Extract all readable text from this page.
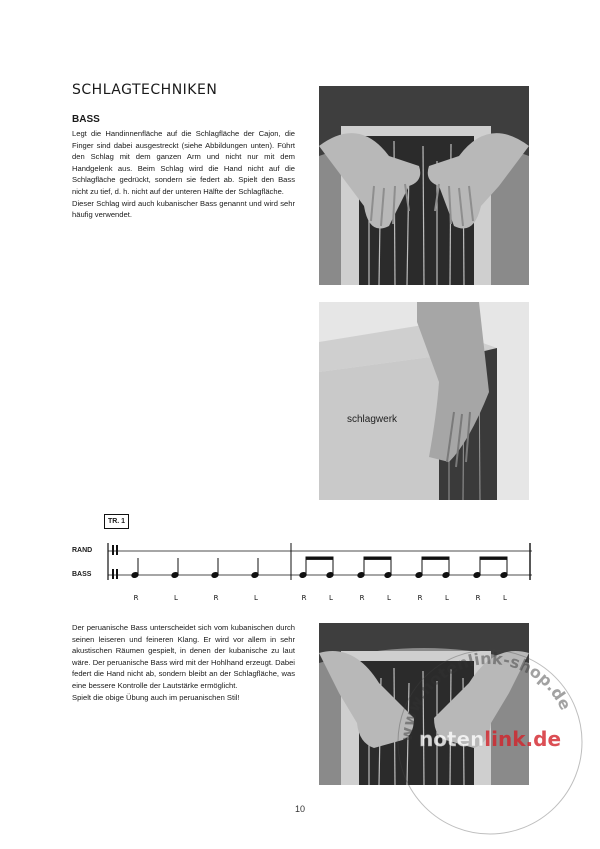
SCHLAGTECHNIKEN
BASS

Legt die Handinnenfläche auf die Schlagfläche der Cajon, die Finger sind dabei ausgestreckt (siehe Abbildungen unten). Führt den Schlag mit dem ganzen Arm und nicht nur mit dem Handgelenk aus. Beim Schlag wird die Hand nicht auf die Schlagfläche gedrückt, sondern sie federt ab. Spielt den Bass nicht zu tief, d. h. nicht auf der unteren Hälfte der Schlagfläche.

Dieser Schlag wird auch kubanischer Bass genannt und wird sehr häufig verwendet.

schlagwerk
TR. 1
RAND
BASS
R	L	R	L	R	L	R	L	R	L	R	L

Der peruanische Bass unterscheidet sich vom kubanischen durch seinen leiseren und feineren Klang. Er wird vor allem in sehr akustischen Räumen gespielt, in denen der kubanische zu laut wäre. Der peruanische Bass wird mit der Hohlhand erzeugt. Dabei federt die Hand nicht ab, sondern bleibt an der Schlagfläche, was eine bessere Kontrolle der Lautstärke ermöglicht.

Spielt die obige Übung auch im peruanischen Stil!

10
www.notenlink-shop.de
notenlink.de
